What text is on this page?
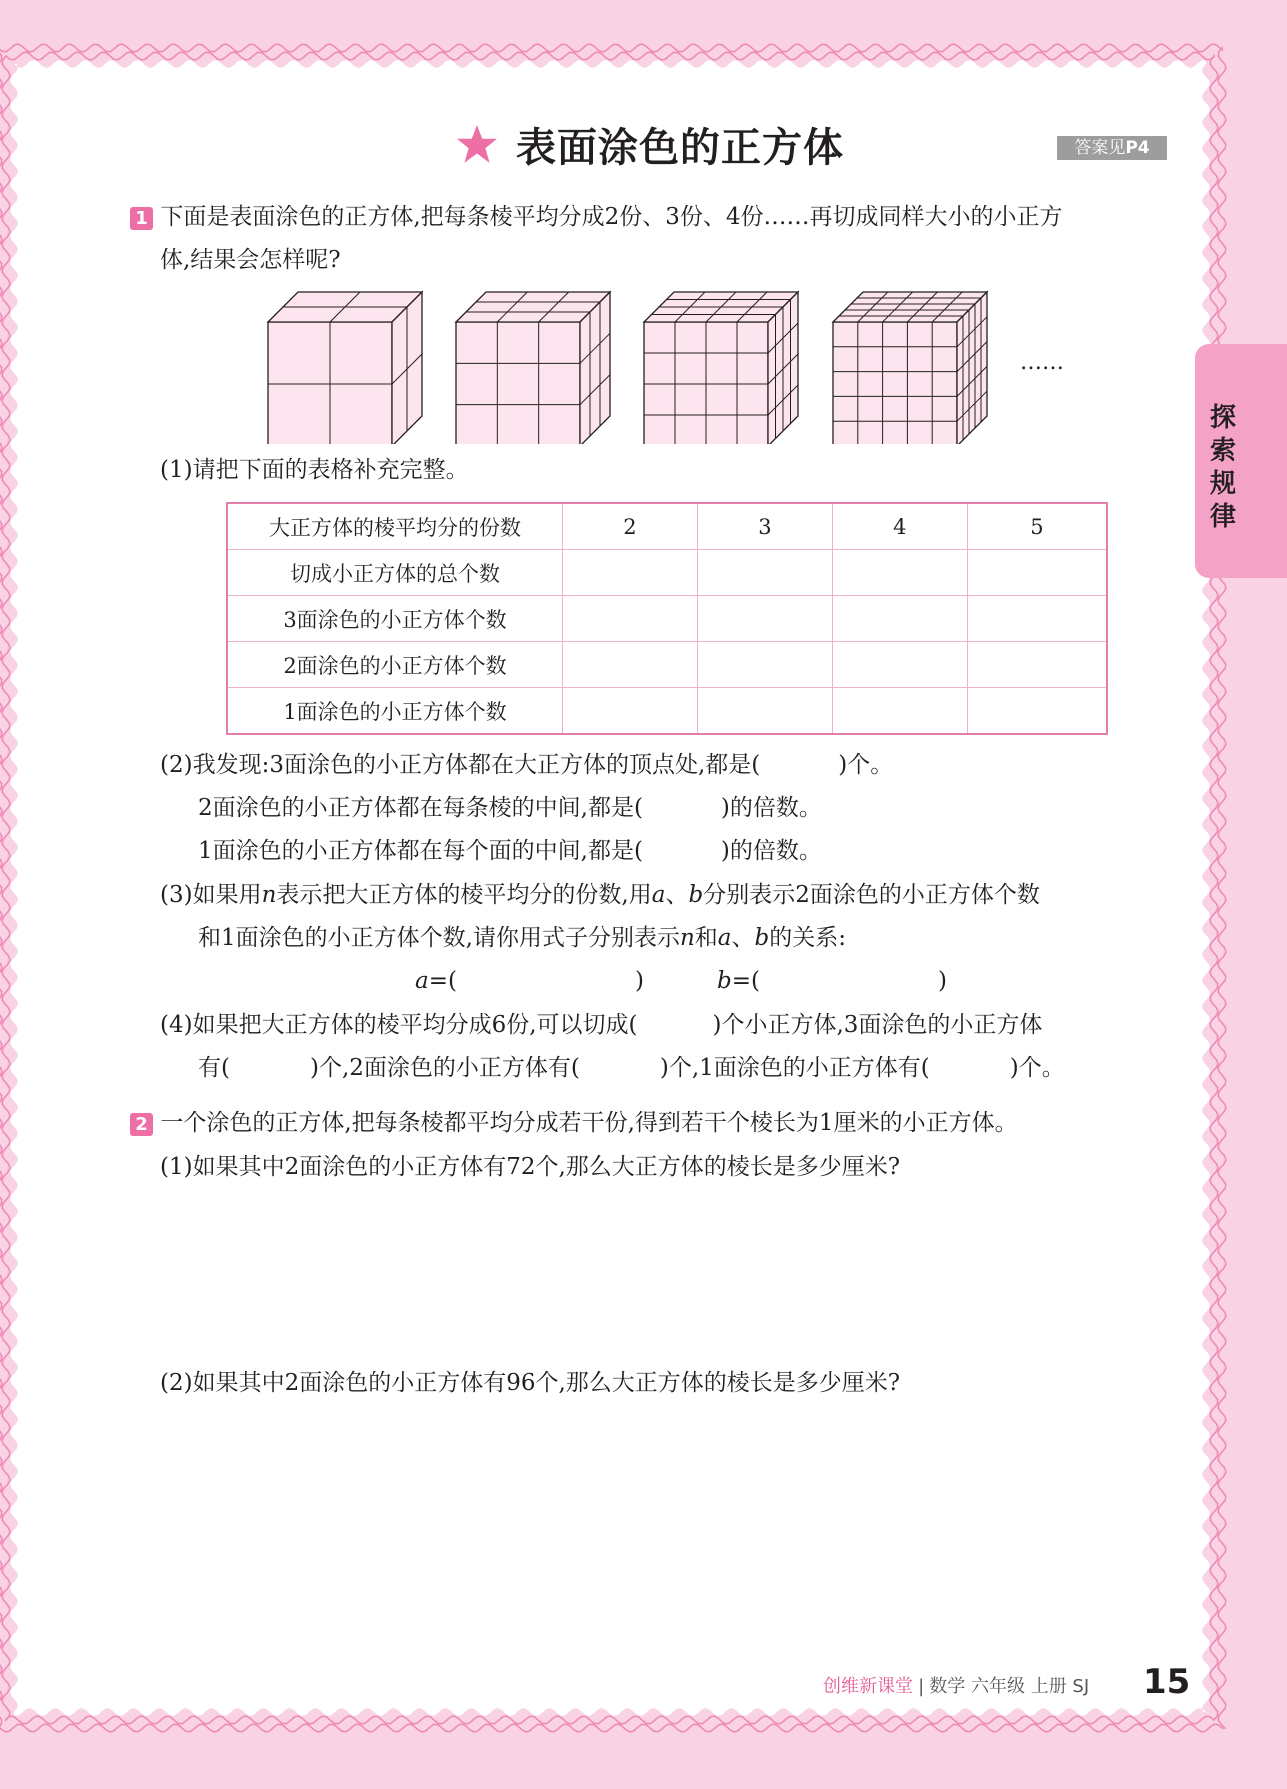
表面涂色的正方体	答案见P4
探索规律
1 下面是表面涂色的正方体,把每条棱平均分成2份、3份、4份……再切成同样大小的小正方
体,结果会怎样呢?
……
(1)请把下面的表格补充完整。
大正方体的棱平均分的份数	2	3	4	5
切成小正方体的总个数				
3面涂色的小正方体个数				
2面涂色的小正方体个数				
1面涂色的小正方体个数				
(2)我发现:3面涂色的小正方体都在大正方体的顶点处,都是(	)个。
2面涂色的小正方体都在每条棱的中间,都是(	)的倍数。
1面涂色的小正方体都在每个面的中间,都是(	)的倍数。
(3)如果用n表示把大正方体的棱平均分的份数,用a、b分别表示2面涂色的小正方体个数
和1面涂色的小正方体个数,请你用式子分别表示n和a、b的关系:
a=(	)	b=(	)
(4)如果把大正方体的棱平均分成6份,可以切成(	)个小正方体,3面涂色的小正方体
有(	)个,2面涂色的小正方体有(	)个,1面涂色的小正方体有(	)个。
2 一个涂色的正方体,把每条棱都平均分成若干份,得到若干个棱长为1厘米的小正方体。
(1)如果其中2面涂色的小正方体有72个,那么大正方体的棱长是多少厘米?
(2)如果其中2面涂色的小正方体有96个,那么大正方体的棱长是多少厘米?
创维新课堂 | 数学 六年级 上册 SJ 15
